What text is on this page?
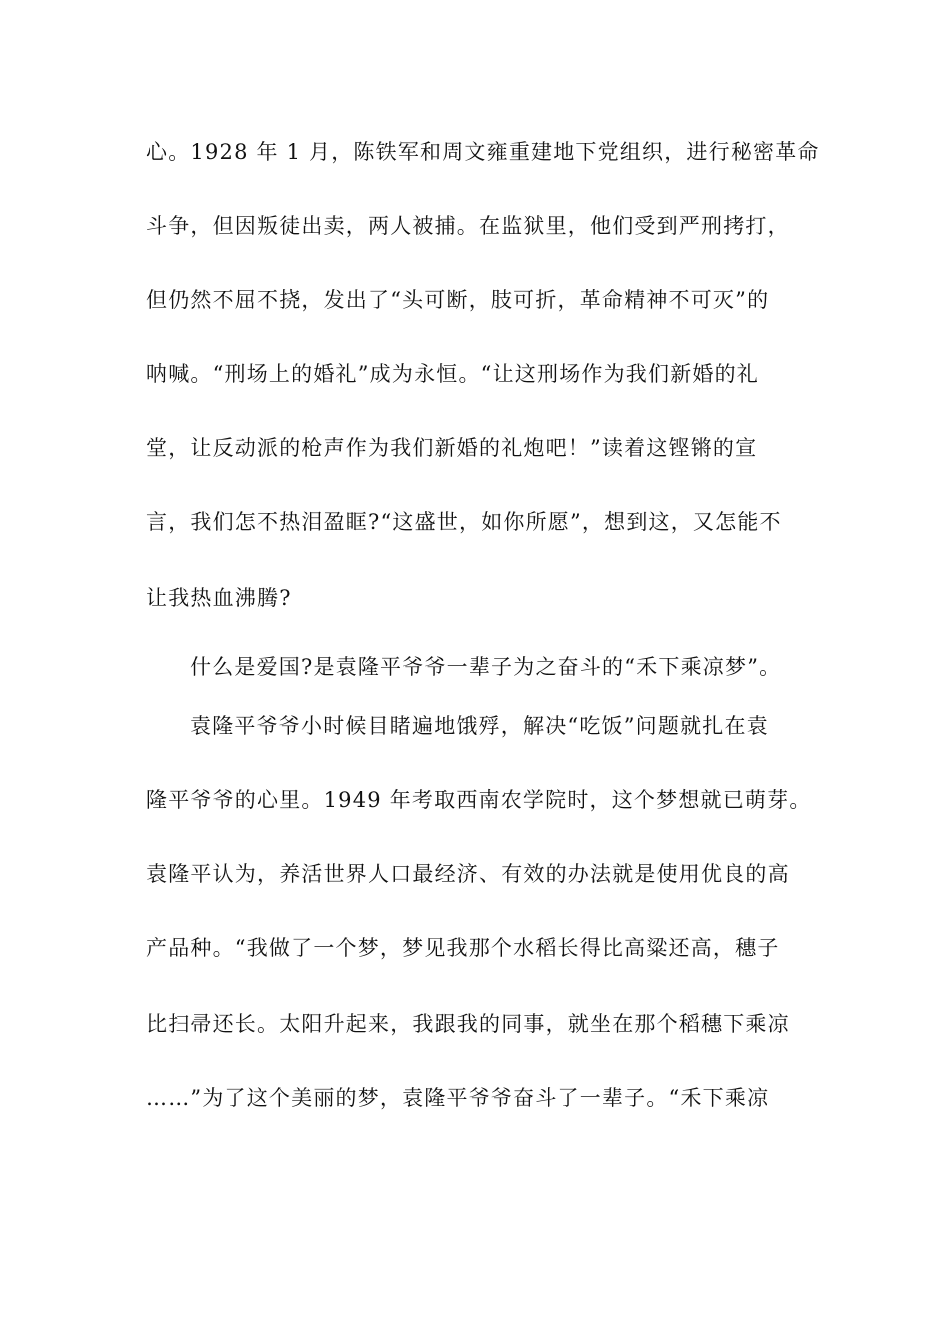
心。1928 年 1 月，陈铁军和周文雍重建地下党组织，进行秘密革命
斗争，但因叛徒出卖，两人被捕。在监狱里，他们受到严刑拷打，
但仍然不屈不挠，发出了“头可断，肢可折，革命精神不可灭”的
呐喊。“刑场上的婚礼”成为永恒。“让这刑场作为我们新婚的礼
堂，让反动派的枪声作为我们新婚的礼炮吧！”读着这铿锵的宣
言，我们怎不热泪盈眶?“这盛世，如你所愿”，想到这，又怎能不
让我热血沸腾?
什么是爱国?是袁隆平爷爷一辈子为之奋斗的“禾下乘凉梦”。
袁隆平爷爷小时候目睹遍地饿殍，解决“吃饭”问题就扎在袁
隆平爷爷的心里。1949 年考取西南农学院时，这个梦想就已萌芽。
袁隆平认为，养活世界人口最经济、有效的办法就是使用优良的高
产品种。“我做了一个梦，梦见我那个水稻长得比高粱还高，穗子
比扫帚还长。太阳升起来，我跟我的同事，就坐在那个稻穗下乘凉
……”为了这个美丽的梦，袁隆平爷爷奋斗了一辈子。“禾下乘凉
